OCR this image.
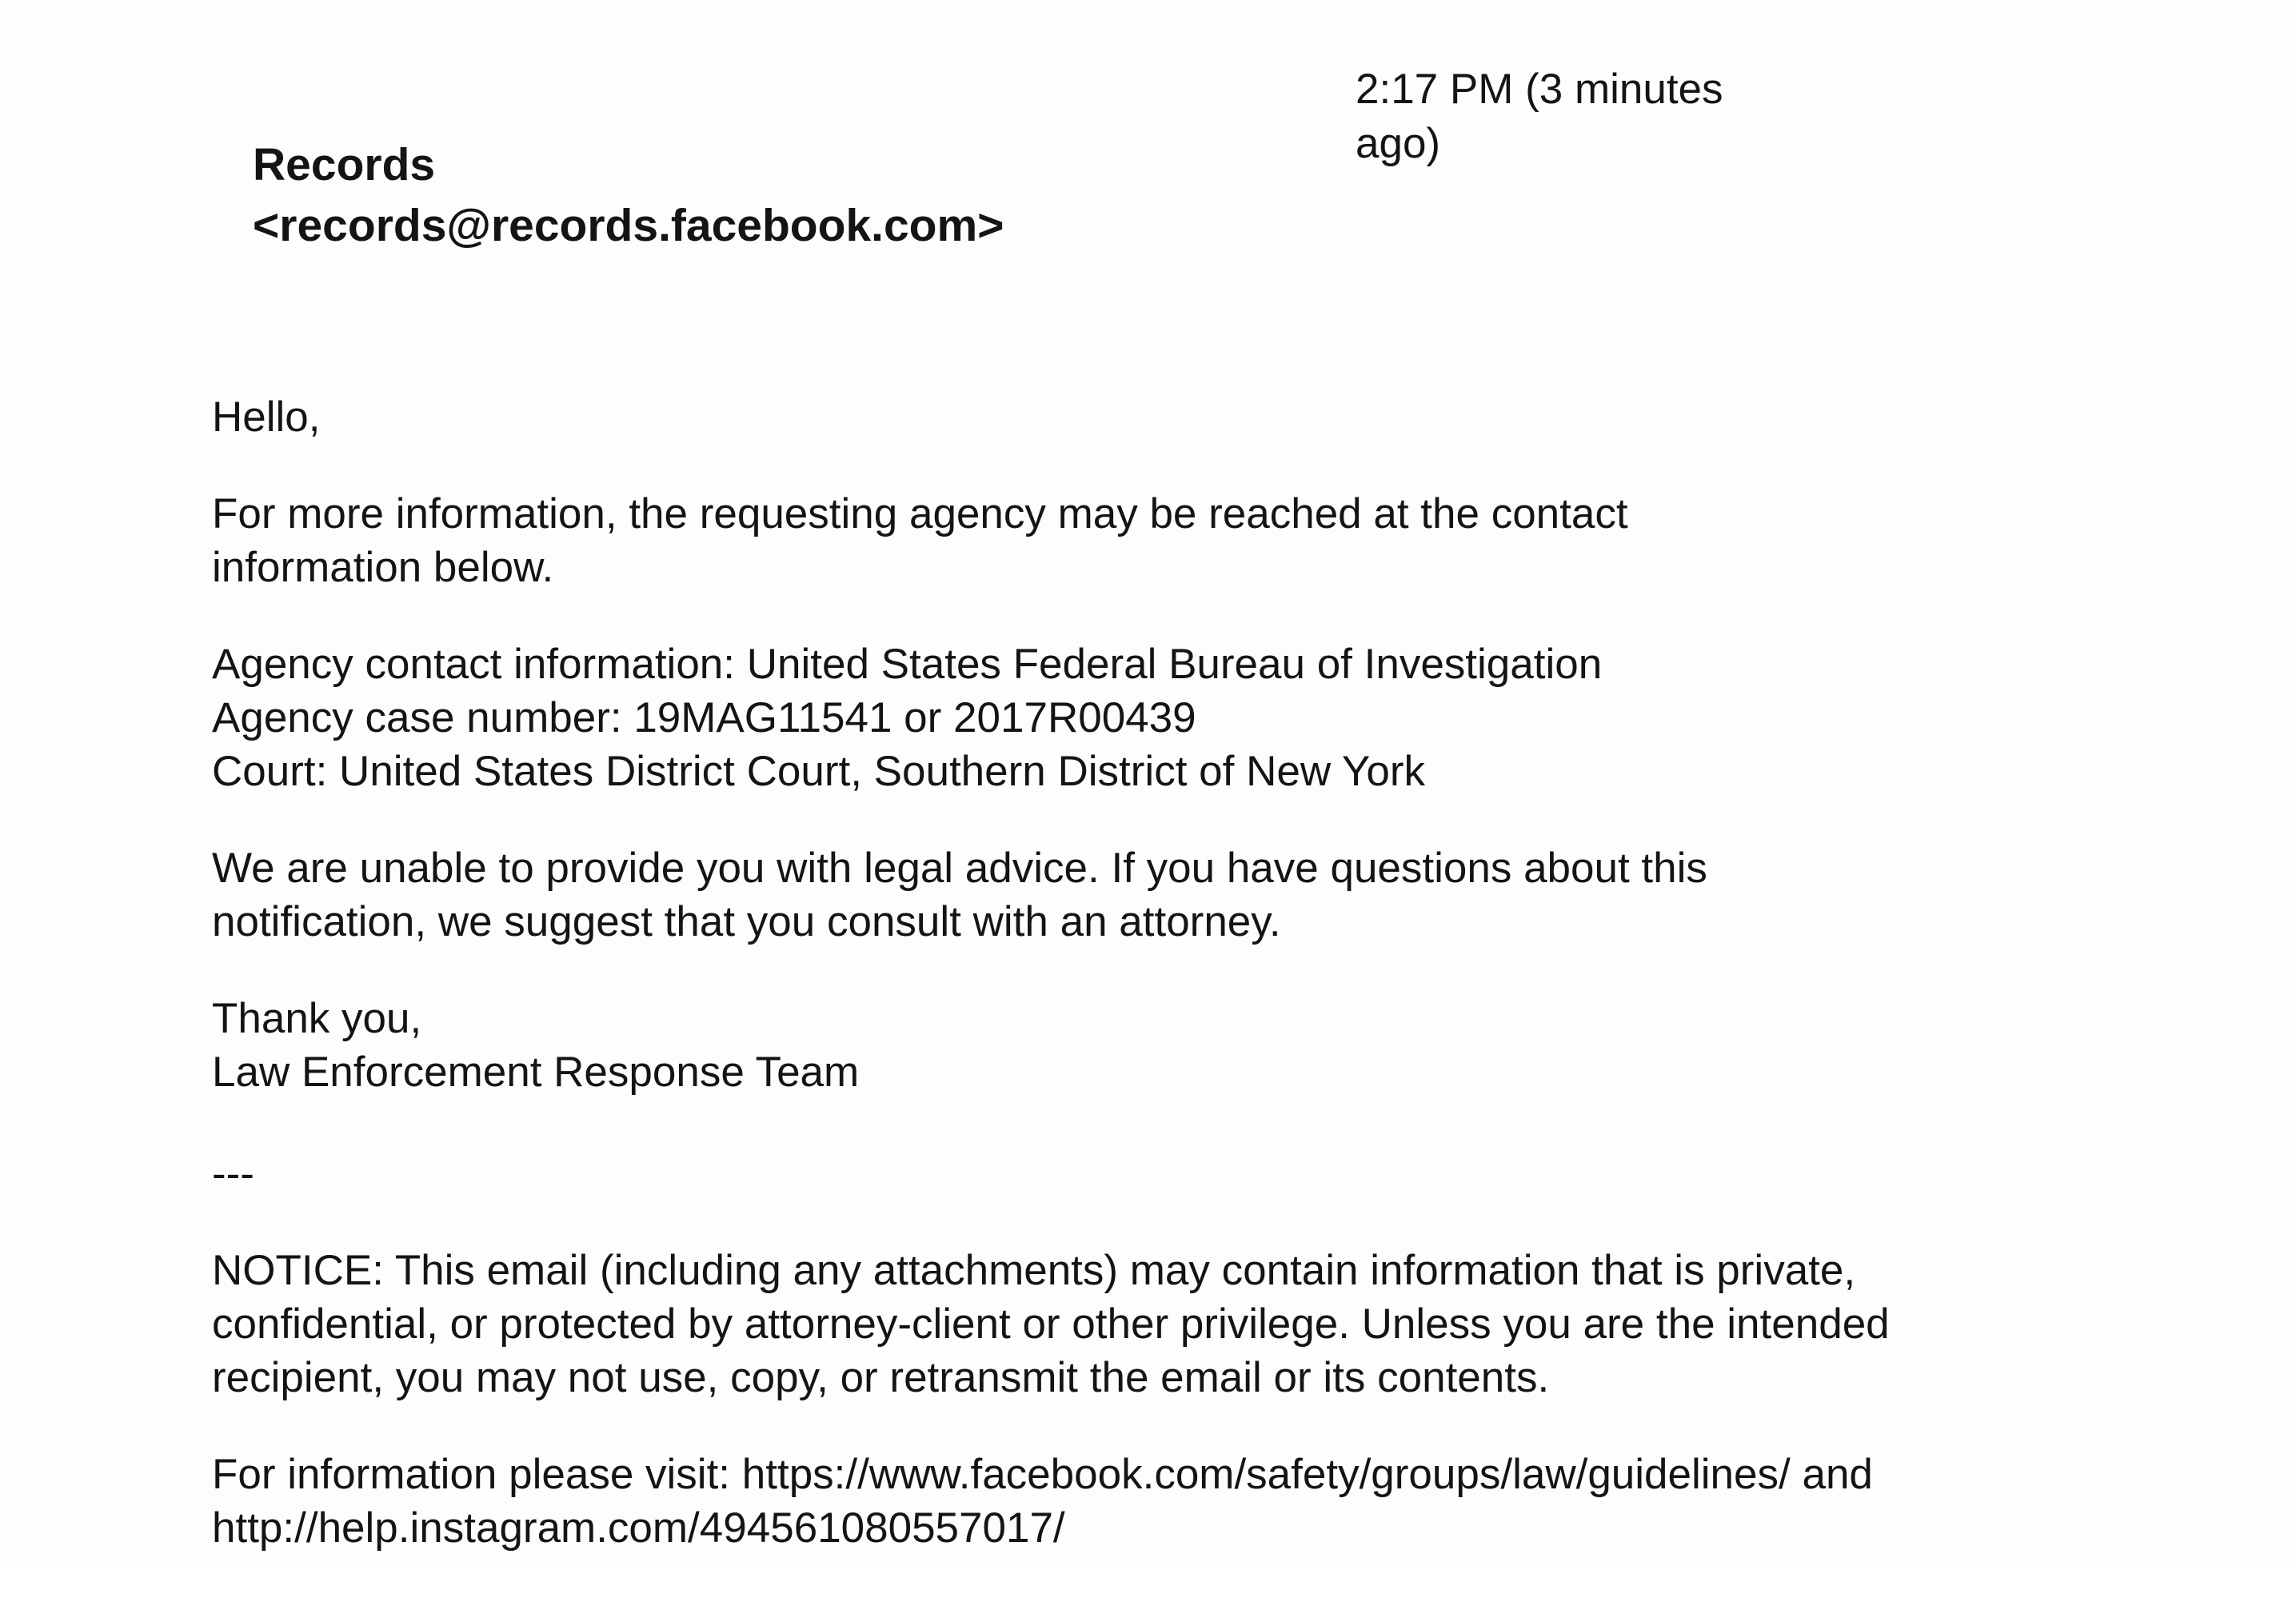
Records
<records@records.facebook.com>
2:17 PM (3 minutes ago)

Hello,

For more information, the requesting agency may be reached at the contact information below.

Agency contact information: United States Federal Bureau of Investigation
Agency case number: 19MAG11541 or 2017R00439
Court: United States District Court, Southern District of New York

We are unable to provide you with legal advice. If you have questions about this notification, we suggest that you consult with an attorney.

Thank you,
Law Enforcement Response Team

---

NOTICE: This email (including any attachments) may contain information that is private, confidential, or protected by attorney-client or other privilege. Unless you are the intended recipient, you may not use, copy, or retransmit the email or its contents.

For information please visit: https://www.facebook.com/safety/groups/law/guidelines/ and http://help.instagram.com/494561080557017/
